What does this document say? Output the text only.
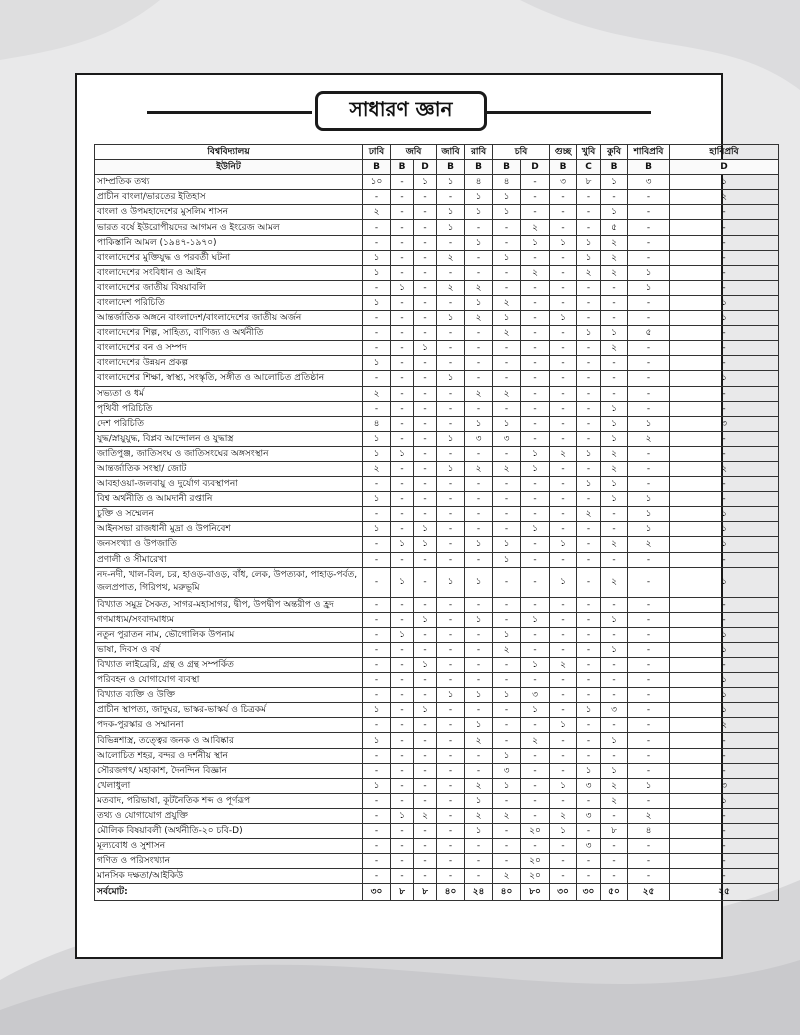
সাধারণ জ্ঞান
বিশ্ববিদ্যালয়	ঢাবি	জবি		জাবি	রাবি	চবি		গুচ্ছ	খুবি	কুবি	শাবিপ্রবি	হাবিপ্রবি
ইউনিট	B	B	D	B	B	B	D	B	C	B	B	D
সাম্প্রতিক তথ্য	১০	-	১	১	৪	৪	-	৩	৮	১	৩	১
প্রাচীন বাংলা/ভারতের ইতিহাস	-	-	-	-	১	১	-	-	-	-	-	২
বাংলা ও উপমহাদেশের মুসলিম শাসন	২	-	-	১	১	১	-	-	-	১	-	-
ভারত বর্ষে ইউরোপীয়দের আগমন ও ইংরেজ আমল	-	-	-	১	-	-	২	-	-	৫	-	-
পাকিস্তানি আমল (১৯৪৭-১৯৭০)	-	-	-	-	১	-	১	১	১	২	-	-
বাংলাদেশের মুক্তিযুদ্ধ ও পরবর্তী ঘটনা	১	-	-	২	-	১	-	-	১	২	-	-
বাংলাদেশের সংবিধান ও আইন	১	-	-	-	-	-	২	-	২	২	১	-
বাংলাদেশের জাতীয় বিষয়াবলি	-	১	-	২	২	-	-	-	-	-	১	-
বাংলাদেশ পরিচিতি	১	-	-	-	১	২	-	-	-	-	-	১
আন্তর্জাতিক অঙ্গনে বাংলাদেশ/বাংলাদেশের জাতীয় অর্জন	-	-	-	১	২	১	-	১	-	-	-	১
বাংলাদেশের শিল্প, সাহিত্য, বাণিজ্য ও অর্থনীতি	-	-	-	-	-	২	-	-	১	১	৫	-
বাংলাদেশের বন ও সম্পদ	-	-	১	-	-	-	-	-	-	২	-	-
বাংলাদেশের উন্নয়ন প্রকল্প	১	-	-	-	-	-	-	-	-	-	-	-
বাংলাদেশের শিক্ষা, স্বাস্থ্য, সংস্কৃতি, সঙ্গীত ও আলোচিত প্রতিষ্ঠান	-	-	-	১	-	-	-	-	-	-	-	১
সভ্যতা ও ধর্ম	২	-	-	-	২	২	-	-	-	-	-	-
পৃথিবী পরিচিতি	-	-	-	-	-	-	-	-	-	১	-	-
দেশ পরিচিতি	৪	-	-	-	১	১	-	-	-	১	১	৩
যুদ্ধ/স্নায়ুযুদ্ধ, বিপ্লব আন্দোলন ও যুদ্ধাস্ত্র	১	-	-	১	৩	৩	-	-	-	১	২	-
জাতিপুঞ্জ, জাতিসংঘ ও জাতিসংঘের অঙ্গসংস্থান	১	১	-	-	-	-	১	২	১	২	-	-
আন্তর্জাতিক সংস্থা/ জোট	২	-	-	১	২	২	১	-	-	২	-	২
আবহাওয়া-জলবায়ু ও দুর্যোগ ব্যবস্থাপনা	-	-	-	-	-	-	-	-	১	১	-	-
বিশ্ব অর্থনীতি ও আমদানী রপ্তানি	১	-	-	-	-	-	-	-	-	১	১	-
চুক্তি ও সম্মেলন	-	-	-	-	-	-	-	-	২	-	১	১
আইনসভা রাজধানী মুদ্রা ও উপনিবেশ	১	-	১	-	-	-	১	-	-	-	১	১
জনসংখ্যা ও উপজাতি	-	১	১	-	১	১	-	১	-	২	২	১
প্রণালী ও সীমারেখা	-	-	-	-	-	১	-	-	-	-	-	-
নদ-নদী, খাল-বিল, চর, হাওড়-বাওড়, বাঁধ, লেক, উপত্যকা, পাহাড়-পর্বত, জলপ্রপাত, গিরিপথ, মরুভূমি	-	১	-	১	১	-	-	১	-	২	-	১
বিখ্যাত সমুদ্র সৈকত, সাগর-মহাসাগর, দ্বীপ, উপদ্বীপ অন্তরীপ ও হ্রদ	-	-	-	-	-	-	-	-	-	-	-	-
গণমাধ্যম/সংবাদমাধ্যম	-	-	১	-	১	-	১	-	-	১	-	-
নতুন পুরাতন নাম, ভৌগোলিক উপনাম	-	১	-	-	-	১	-	-	-	-	-	১
ভাষা, দিবস ও বর্ষ	-	-	-	-	-	২	-	-	-	১	-	১
বিখ্যাত লাইব্রেরি, গ্রন্থ ও গ্রন্থ সম্পর্কিত	-	-	১	-	-	-	১	২	-	-	-	-
পরিবহন ও যোগাযোগ ব্যবস্থা	-	-	-	-	-	-	-	-	-	-	-	১
বিখ্যাত ব্যক্তি ও উক্তি	-	-	-	১	১	১	৩	-	-	-	-	১
প্রাচীন স্থাপত্য, জাদুঘর, ভাস্কর-ভাস্কর্য ও চিত্রকর্ম	১	-	১	-	-	-	১	-	১	৩	-	১
পদক-পুরস্কার ও সম্মাননা	-	-	-	-	১	-	-	১	-	-	-	২
বিভিন্নশাস্ত্র, তত্ত্বের জনক ও আবিষ্কার	১	-	-	-	২	-	২	-	-	১	-	-
আলোচিত শহর, বন্দর ও দর্শনীয় স্থান	-	-	-	-	-	১	-	-	-	-	-	-
সৌরজগৎ/ মহাকাশ, দৈনন্দিন বিজ্ঞান	-	-	-	-	-	৩	-	-	১	১	-	-
খেলাধুলা	১	-	-	-	২	১	-	১	৩	২	১	৩
মতবাদ, পরিভাষা, কূটনৈতিক শব্দ ও পূর্ণরূপ	-	-	-	-	১	-	-	-	-	২	-	১
তথ্য ও যোগাযোগ প্রযুক্তি	-	১	২	-	২	২	-	২	৩	-	২	-
মৌলিক বিষয়াবলী (অর্থনীতি-২০ চবি-D)	-	-	-	-	১	-	২০	১	-	৮	৪	-
মূল্যবোধ ও সুশাসন	-	-	-	-	-	-	-	-	৩	-	-	-
গণিত ও পরিসংখ্যান	-	-	-	-	-	-	২০	-	-	-	-	-
মানসিক দক্ষতা/আইকিউ	-	-	-	-	-	২	২০	-	-	-	-	-
সর্বমোট:	৩০	৮	৮	৪০	২৪	৪০	৮০	৩০	৩০	৫০	২৫	২৫
